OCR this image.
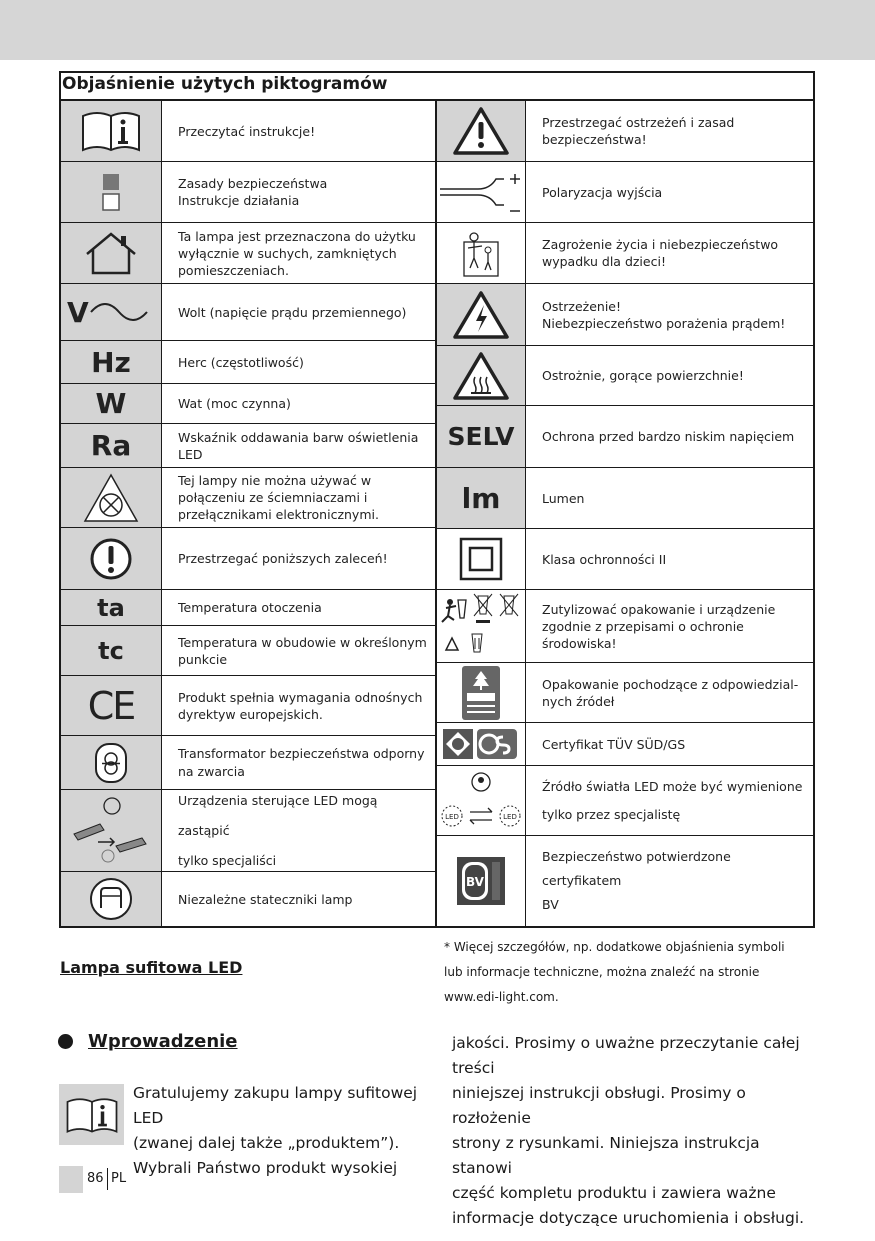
Objaśnienie użytych piktogramów
Przeczytać instrukcje!
Zasady bezpieczeństwa
Instrukcje działania
Ta lampa jest przeznaczona do użytku
wyłącznie w suchych, zamkniętych
pomieszczeniach.
V	Wolt (napięcie prądu przemiennego)
Hz	Herc (częstotliwość)
W	Wat (moc czynna)
Ra	Wskaźnik oddawania barw oświetlenia
LED
Tej lampy nie można używać w
połączeniu ze ściemniaczami i
przełącznikami elektronicznymi.
Przestrzegać poniższych zaleceń!
ta	Temperatura otoczenia
tc	Temperatura w obudowie w określonym
punkcie
CE	Produkt spełnia wymagania odnośnych
dyrektyw europejskich.
Transformator bezpieczeństwa odporny
na zwarcia
Urządzenia sterujące LED mogą zastąpić
tylko specjaliści
Niezależne stateczniki lamp
Przestrzegać ostrzeżeń i zasad
bezpieczeństwa!
Polaryzacja wyjścia
Zagrożenie życia i niebezpieczeństwo
wypadku dla dzieci!
Ostrzeżenie!
Niebezpieczeństwo porażenia prądem!
Ostrożnie, gorące powierzchnie!
SELV	Ochrona przed bardzo niskim napięciem
lm	Lumen
Klasa ochronności II
Zutylizować opakowanie i urządzenie
zgodnie z przepisami o ochronie
środowiska!
Opakowanie pochodzące z odpowiedzial-
nych źródeł
Certyfikat TÜV SÜD/GS
LED	LED
Źródło światła LED może być wymienione
tylko przez specjalistę
BV
Bezpieczeństwo potwierdzone certyfikatem
BV
* Więcej szczegółów, np. dodatkowe objaśnienia symboli
lub informacje techniczne, można znaleźć na stronie
www.edi-light.com.
Lampa sufitowa LED
Wprowadzenie
Gratulujemy zakupu lampy sufitowej LED
(zwanej dalej także „produktem”).
Wybrali Państwo produkt wysokiej
jakości. Prosimy o uważne przeczytanie całej treści
niniejszej instrukcji obsługi. Prosimy o rozłożenie
strony z rysunkami. Niniejsza instrukcja stanowi
część kompletu produktu i zawiera ważne
informacje dotyczące uruchomienia i obsługi.
86 PL
